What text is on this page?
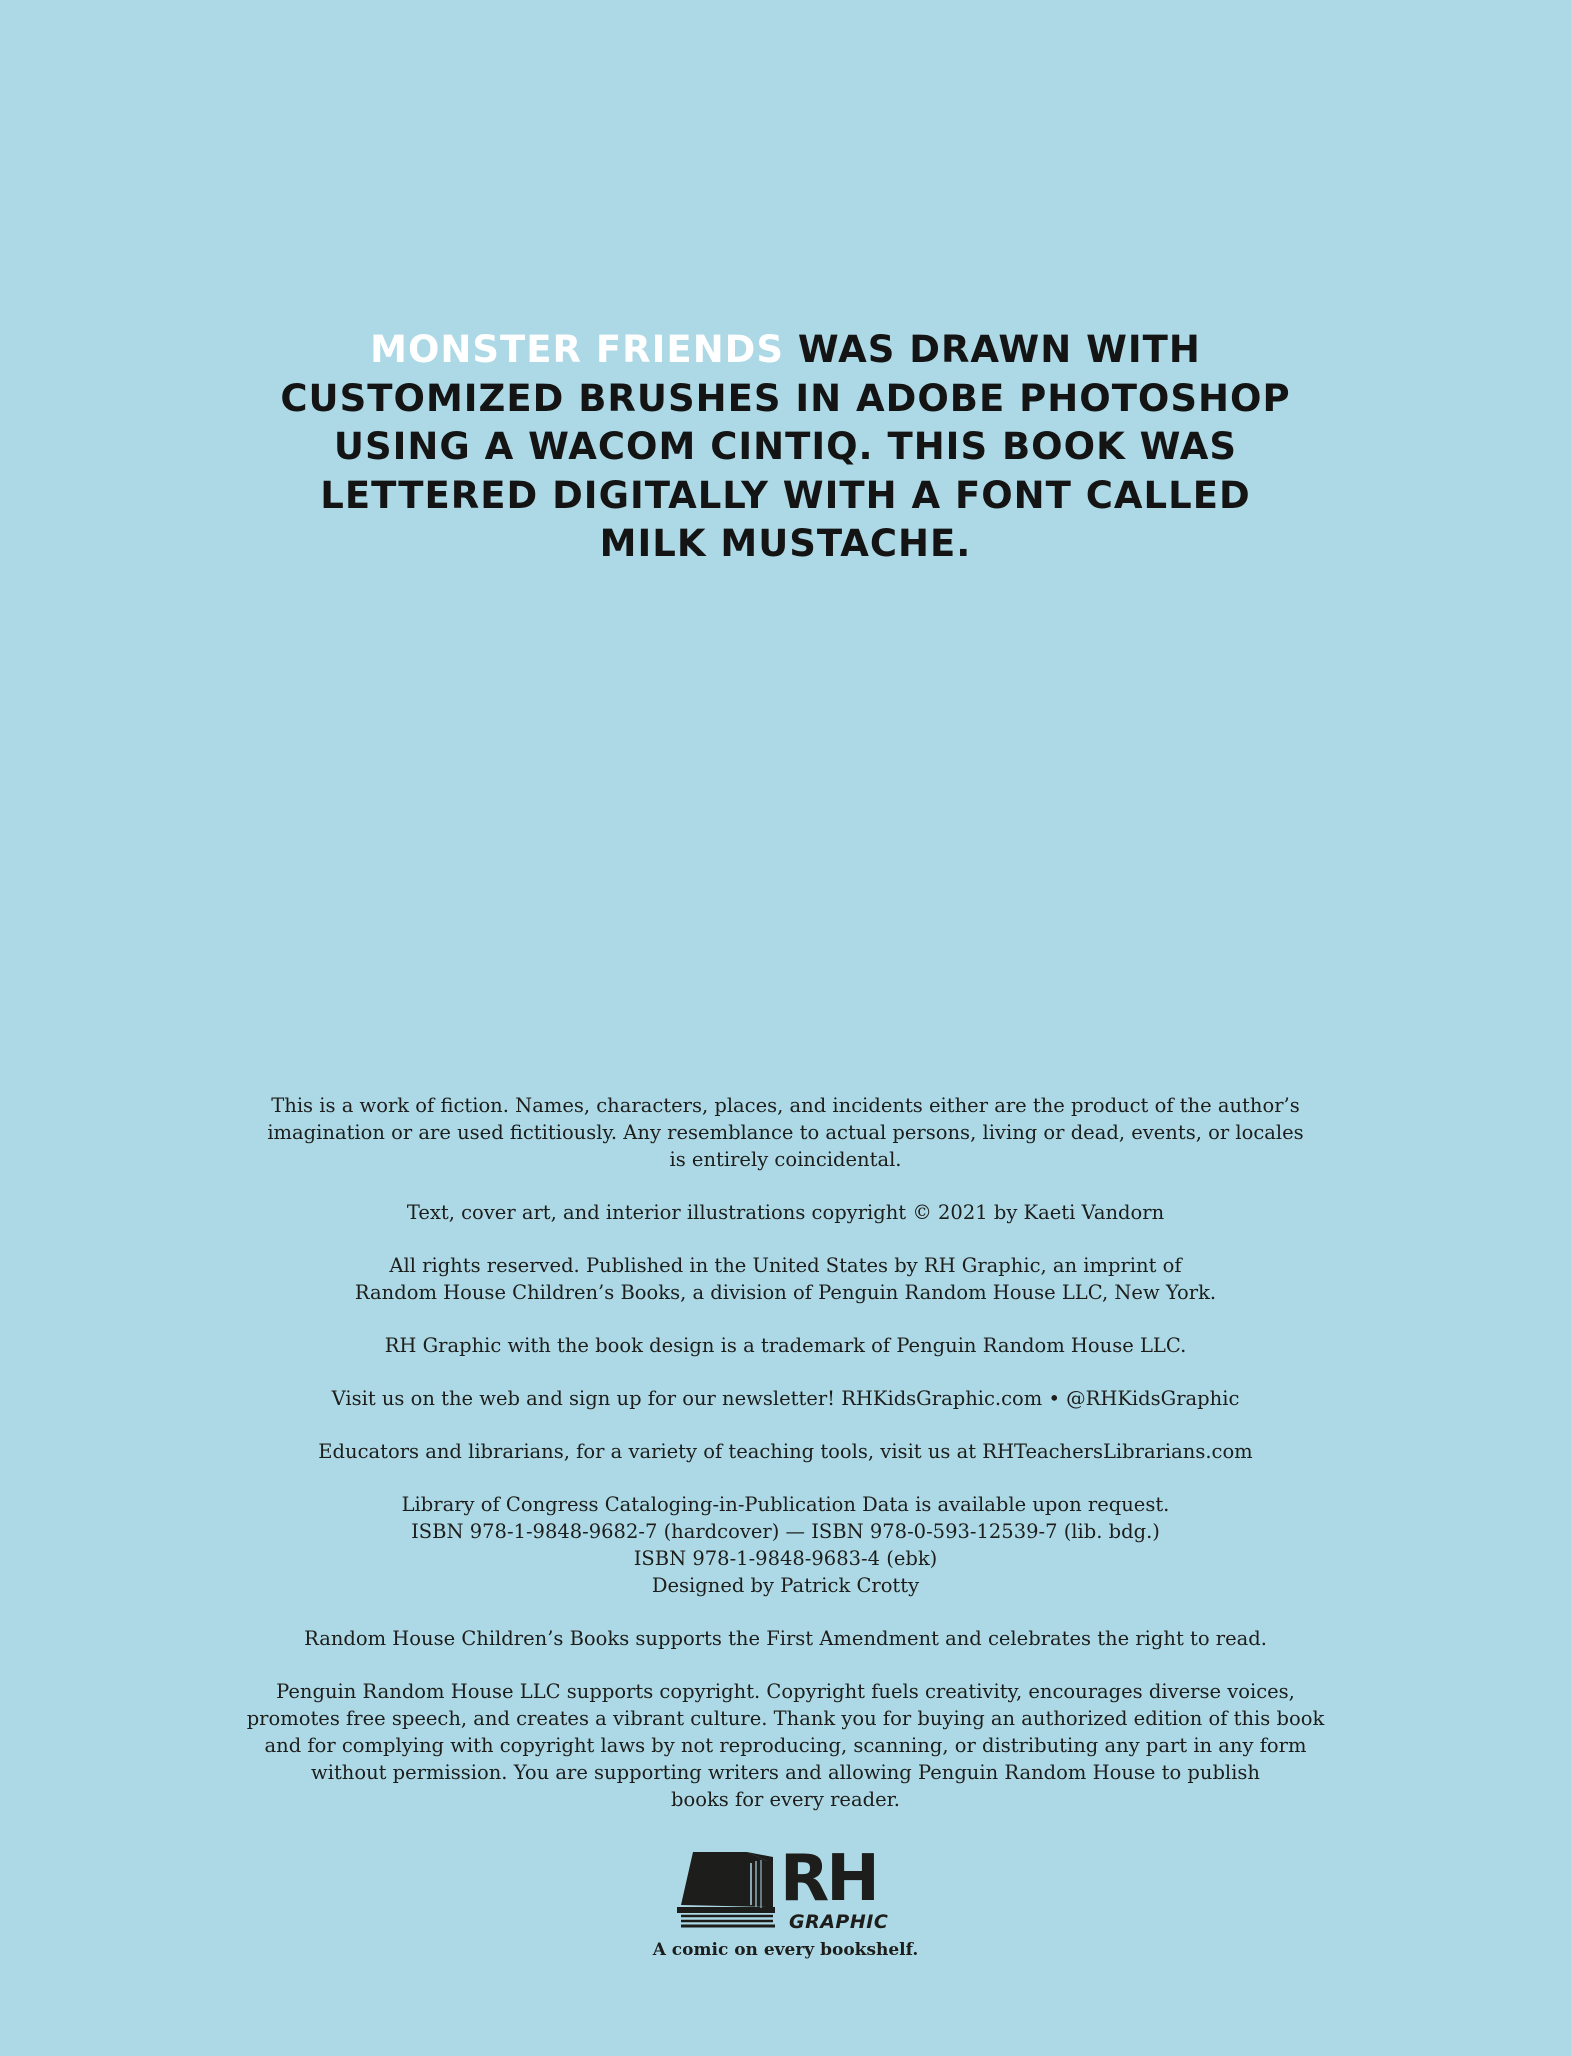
MONSTER FRIENDS WAS DRAWN WITH
CUSTOMIZED BRUSHES IN ADOBE PHOTOSHOP
USING A WACOM CINTIQ. THIS BOOK WAS
LETTERED DIGITALLY WITH A FONT CALLED
MILK MUSTACHE.

This is a work of fiction. Names, characters, places, and incidents either are the product of the author’s
imagination or are used fictitiously. Any resemblance to actual persons, living or dead, events, or locales
is entirely coincidental.

Text, cover art, and interior illustrations copyright © 2021 by Kaeti Vandorn

All rights reserved. Published in the United States by RH Graphic, an imprint of
Random House Children’s Books, a division of Penguin Random House LLC, New York.

RH Graphic with the book design is a trademark of Penguin Random House LLC.

Visit us on the web and sign up for our newsletter! RHKidsGraphic.com • @RHKidsGraphic

Educators and librarians, for a variety of teaching tools, visit us at RHTeachersLibrarians.com

Library of Congress Cataloging-in-Publication Data is available upon request.
ISBN 978-1-9848-9682-7 (hardcover) — ISBN 978-0-593-12539-7 (lib. bdg.)
ISBN 978-1-9848-9683-4 (ebk)
Designed by Patrick Crotty

Random House Children’s Books supports the First Amendment and celebrates the right to read.

Penguin Random House LLC supports copyright. Copyright fuels creativity, encourages diverse voices,
promotes free speech, and creates a vibrant culture. Thank you for buying an authorized edition of this book
and for complying with copyright laws by not reproducing, scanning, or distributing any part in any form
without permission. You are supporting writers and allowing Penguin Random House to publish
books for every reader.

RH
GRAPHIC
A comic on every bookshelf.
